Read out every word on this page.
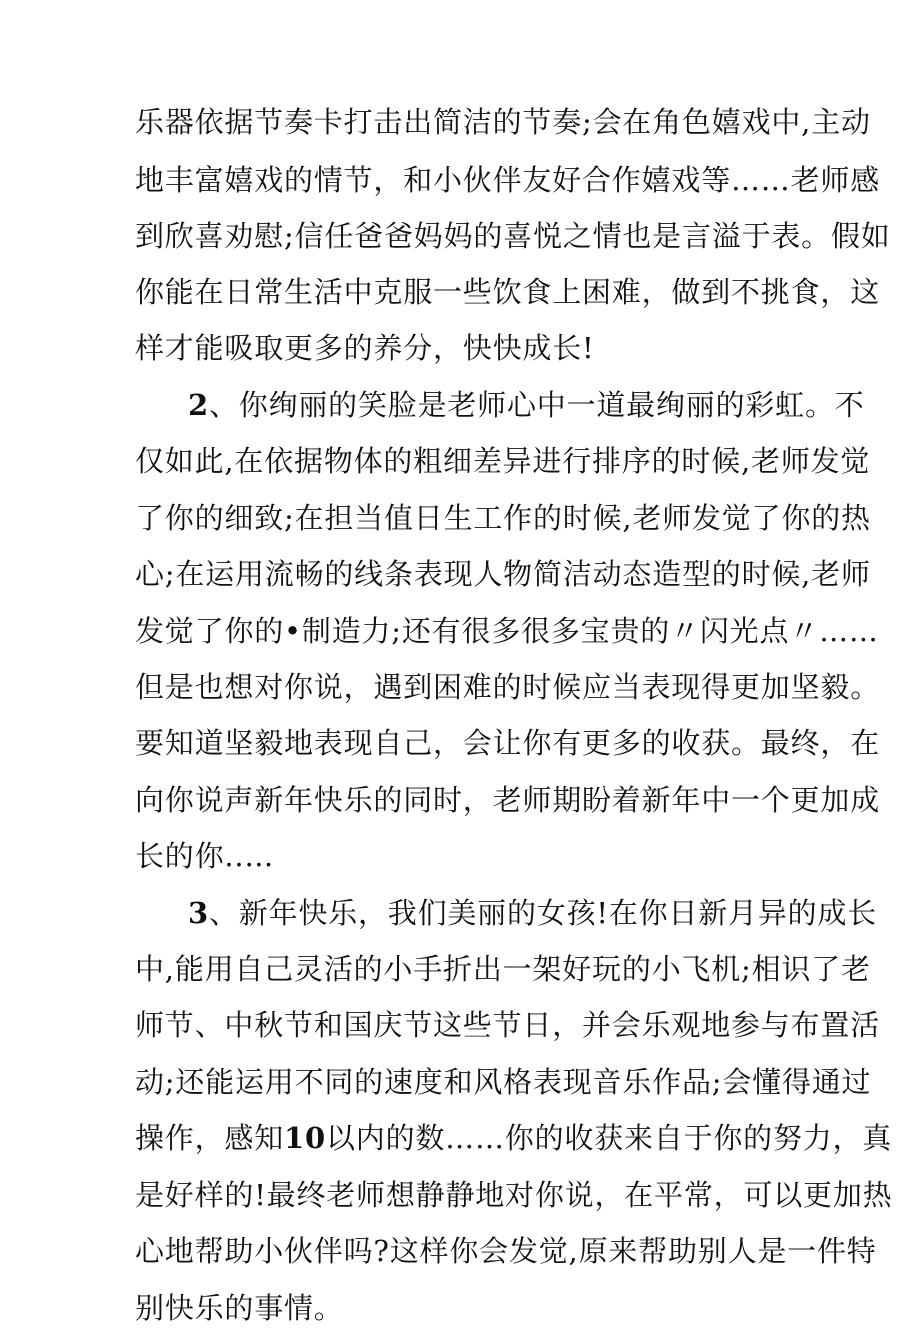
乐器依据节奏卡打击出简洁的节奏;会在角色嬉戏中,主动

地丰富嬉戏的情节，和小伙伴友好合作嬉戏等……老师感

到欣喜劝慰;信任爸爸妈妈的喜悦之情也是言溢于表。假如

你能在日常生活中克服一些饮食上困难，做到不挑食，这

样才能吸取更多的养分，快快成长!

2、你绚丽的笑脸是老师心中一道最绚丽的彩虹。不

仅如此,在依据物体的粗细差异进行排序的时候,老师发觉

了你的细致;在担当值日生工作的时候,老师发觉了你的热

心;在运用流畅的线条表现人物简洁动态造型的时候,老师

发觉了你的•制造力;还有很多很多宝贵的〃闪光点〃……

但是也想对你说，遇到困难的时候应当表现得更加坚毅。

要知道坚毅地表现自己，会让你有更多的收获。最终，在

向你说声新年快乐的同时，老师期盼着新年中一个更加成

长的你..…

3、新年快乐，我们美丽的女孩!在你日新月异的成长

中,能用自己灵活的小手折出一架好玩的小飞机;相识了老

师节、中秋节和国庆节这些节日，并会乐观地参与布置活

动;还能运用不同的速度和风格表现音乐作品;会懂得通过

操作，感知10以内的数……你的收获来自于你的努力，真

是好样的!最终老师想静静地对你说，在平常，可以更加热

心地帮助小伙伴吗?这样你会发觉,原来帮助别人是一件特

别快乐的事情。
